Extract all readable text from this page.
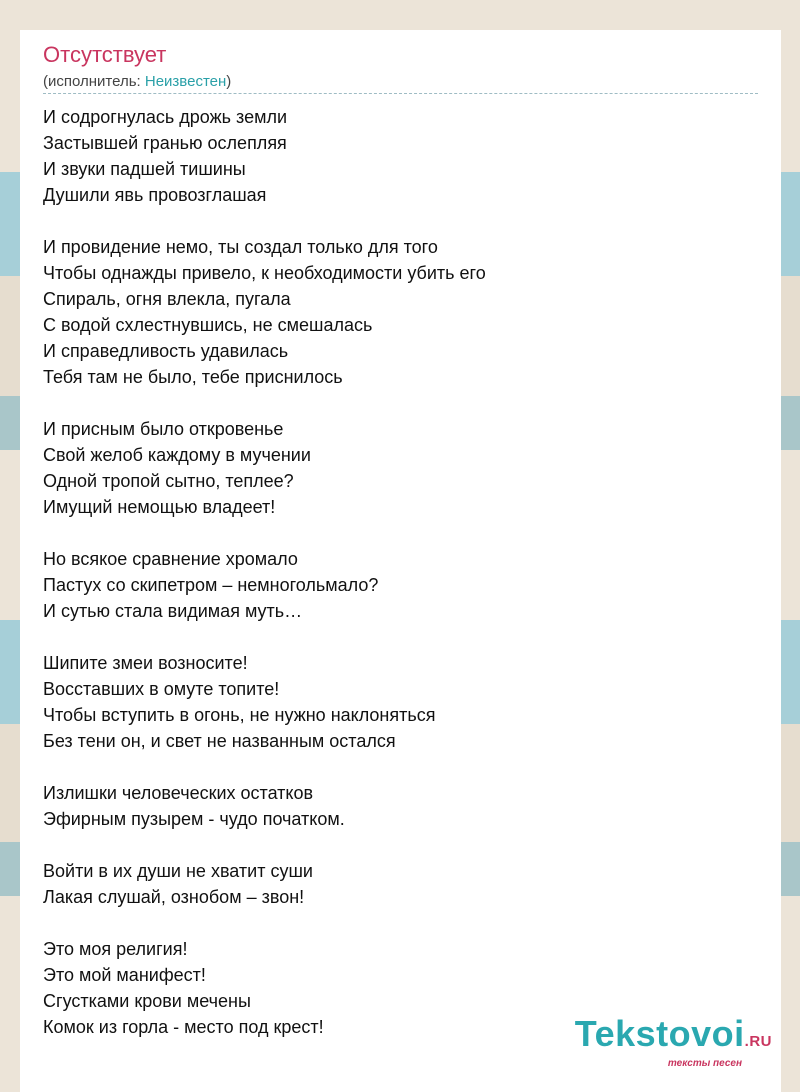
Отсутствует
(исполнитель: Неизвестен)
И содрогнулась дрожь земли
Застывшей гранью ослепляя
И звуки падшей тишины
Душили явь провозглашая
И провидение немо, ты создал только для того
Чтобы однажды привело, к необходимости убить его
Спираль, огня влекла, пугала
С водой схлестнувшись, не смешалась
И справедливость удавилась
Тебя там не было, тебе приснилось
И присным было откровенье
Свой желоб каждому в мучении
Одной тропой сытно, теплее?
Имущий немощью владеет!
Но всякое сравнение хромало
Пастух со скипетром – немногольмало?
И сутью стала видимая муть…
Шипите змеи возносите!
Восставших в омуте топите!
Чтобы вступить в огонь, не нужно наклоняться
Без тени он, и свет не названным остался
Излишки человеческих остатков
Эфирным пузырем - чудо початком.
Войти в их души не хватит суши
Лакая слушай, ознобом – звон!
Это моя религия!
Это мой манифест!
Сгустками крови мечены
Комок из горла - место под крест!	Tekstovoi.RU
тексты песен
